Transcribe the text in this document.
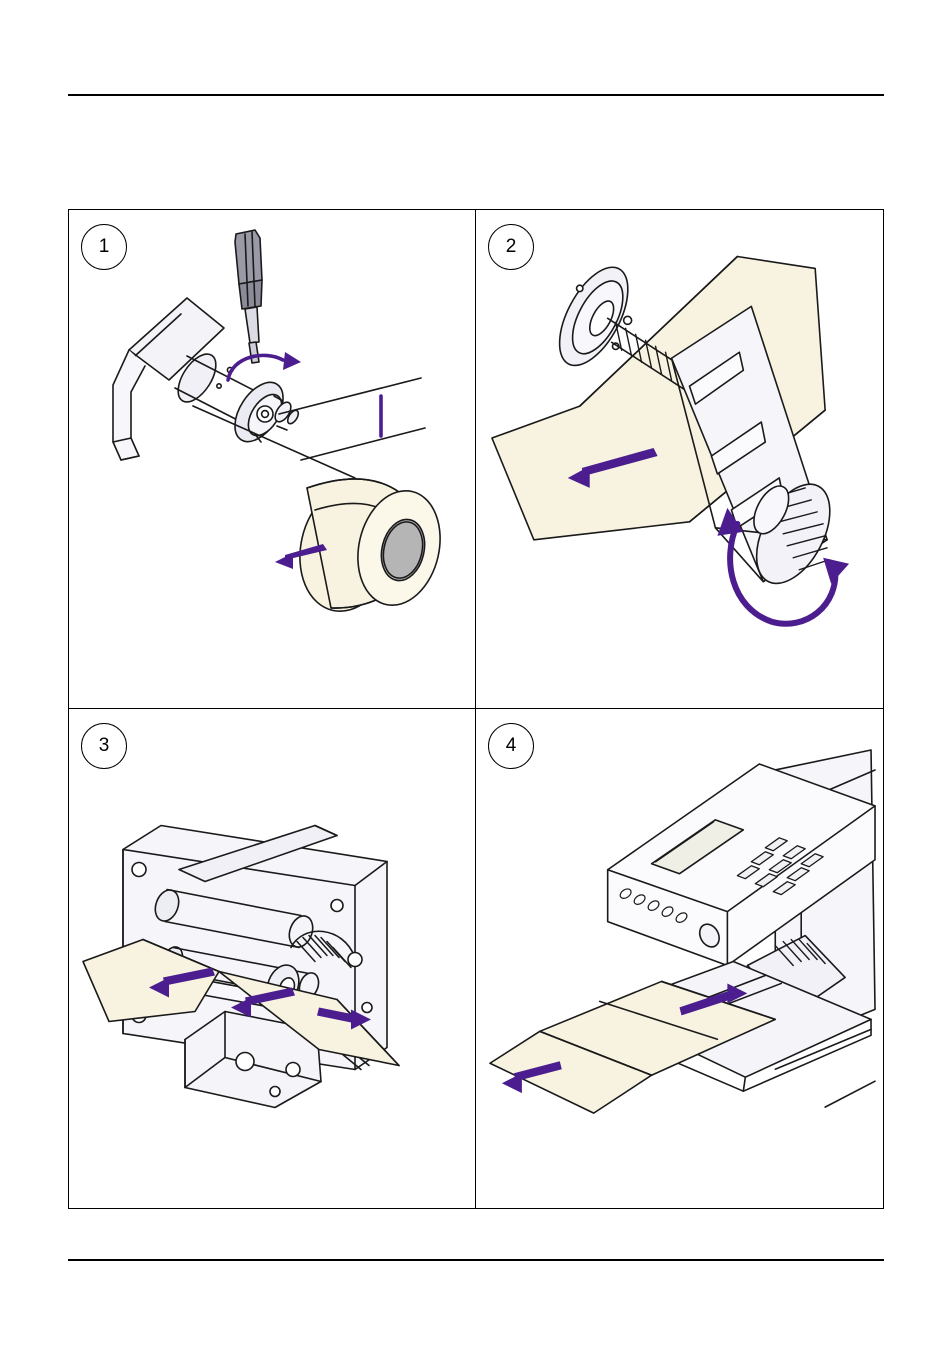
1	2
3	4
